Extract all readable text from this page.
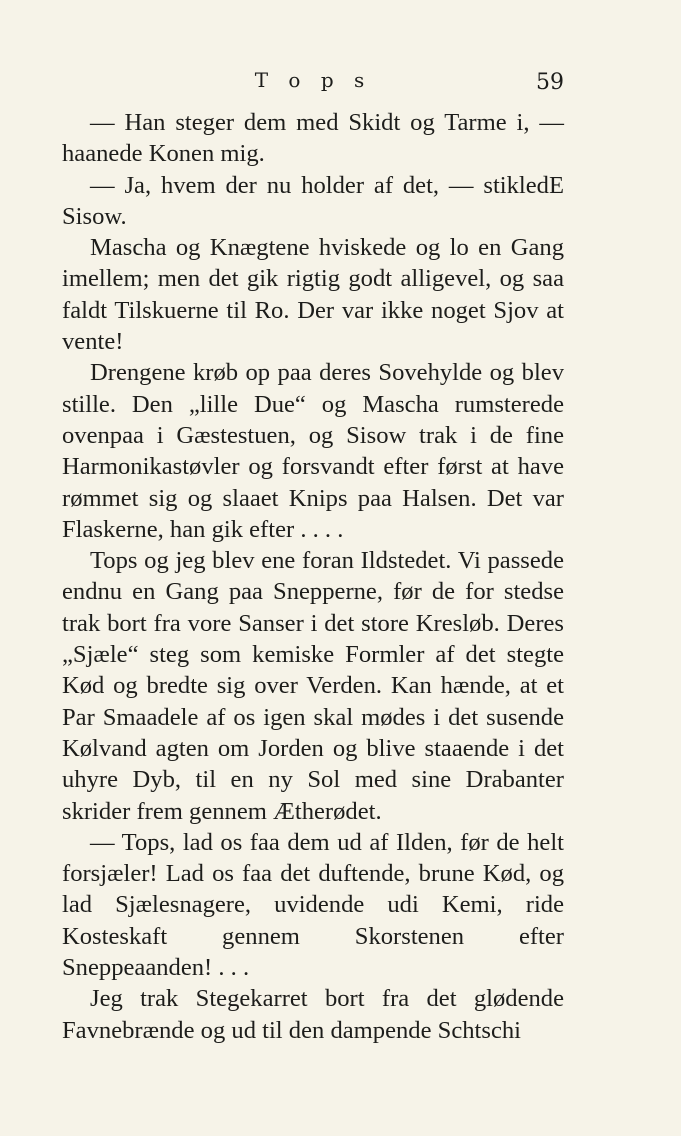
T o p s	59

— Han steger dem med Skidt og Tarme i, — haanede Konen mig.

— Ja, hvem der nu holder af det, — stikledE Sisow.

Mascha og Knægtene hviskede og lo en Gang imellem; men det gik rigtig godt alligevel, og saa faldt Tilskuerne til Ro. Der var ikke noget Sjov at vente!

Drengene krøb op paa deres Sovehylde og blev stille. Den „lille Due“ og Mascha rumsterede ovenpaa i Gæstestuen, og Sisow trak i de fine Harmonikastøvler og forsvandt efter først at have rømmet sig og slaaet Knips paa Halsen. Det var Flaskerne, han gik efter . . . .

Tops og jeg blev ene foran Ildstedet. Vi passede endnu en Gang paa Snepperne, før de for stedse trak bort fra vore Sanser i det store Kresløb. Deres „Sjæle“ steg som kemiske Formler af det stegte Kød og bredte sig over Verden. Kan hænde, at et Par Smaadele af os igen skal mødes i det susende Kølvand agten om Jorden og blive staaende i det uhyre Dyb, til en ny Sol med sine Drabanter skrider frem gennem Ætherødet.

— Tops, lad os faa dem ud af Ilden, før de helt forsjæler! Lad os faa det duftende, brune Kød, og lad Sjælesnagere, uvidende udi Kemi, ride Kosteskaft gennem Skorstenen efter Sneppeaanden! . . .

Jeg trak Stegekarret bort fra det glødende Favnebrænde og ud til den dampende Schtschi
